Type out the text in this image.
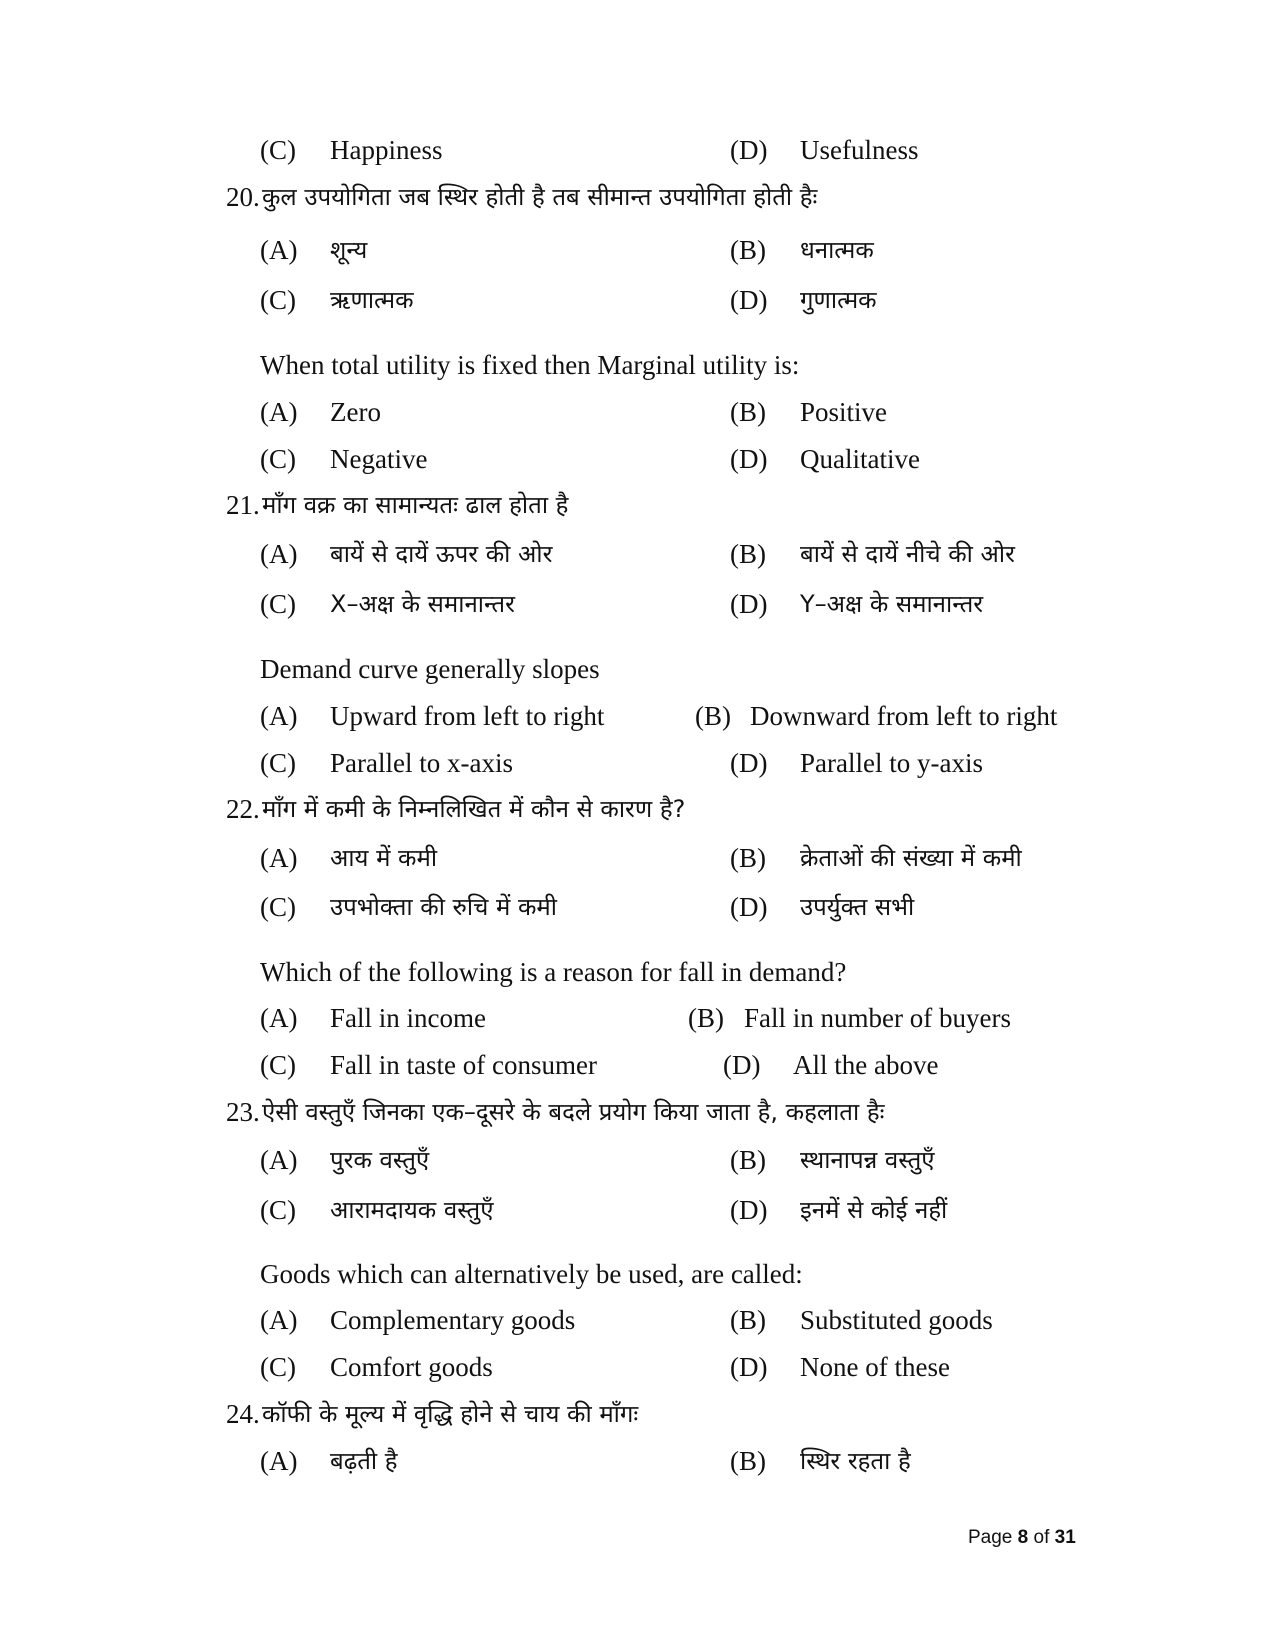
(C) Happiness	(D) Usefulness
20. कुल उपयोगिता जब स्थिर होती है तब सीमान्त उपयोगिता होती हैः
(A) शून्य	(B) धनात्मक
(C) ऋणात्मक	(D) गुणात्मक
When total utility is fixed then Marginal utility is:
(A) Zero	(B) Positive
(C) Negative	(D) Qualitative
21. माँग वक्र का सामान्यतः ढाल होता है
(A) बायें से दायें ऊपर की ओर	(B) बायें से दायें नीचे की ओर
(C) X–अक्ष के समानान्तर	(D) Y–अक्ष के समानान्तर
Demand curve generally slopes
(A) Upward from left to right	(B) Downward from left to right
(C) Parallel to x-axis	(D) Parallel to y-axis
22. माँग में कमी के निम्नलिखित में कौन से कारण है?
(A) आय में कमी	(B) क्रेताओं की संख्या में कमी
(C) उपभोक्ता की रुचि में कमी	(D) उपर्युक्त सभी
Which of the following is a reason for fall in demand?
(A) Fall in income	(B) Fall in number of buyers
(C) Fall in taste of consumer	(D) All the above
23. ऐसी वस्तुएँ जिनका एक–दूसरे के बदले प्रयोग किया जाता है, कहलाता हैः
(A) पुरक वस्तुएँ	(B) स्थानापन्न वस्तुएँ
(C) आरामदायक वस्तुएँ	(D) इनमें से कोई नहीं
Goods which can alternatively be used, are called:
(A) Complementary goods	(B) Substituted goods
(C) Comfort goods	(D) None of these
24. कॉफी के मूल्य में वृद्धि होने से चाय की माँगः
(A) बढ़ती है	(B) स्थिर रहता है
Page 8 of 31
